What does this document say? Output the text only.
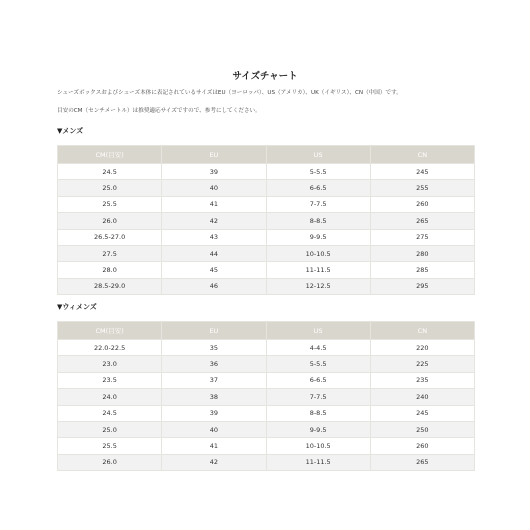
サイズチャート
シューズボックスおよびシューズ本体に表記されているサイズはEU（ヨーロッパ）、US（アメリカ）、UK（イギリス）、CN（中国）です。
目安のCM（センチメートル）は推奨適応サイズですので、参考にしてください。
▼メンズ
CM(目安)	EU	US	CN
24.5	39	5-5.5	245
25.0	40	6-6.5	255
25.5	41	7-7.5	260
26.0	42	8-8.5	265
26.5-27.0	43	9-9.5	275
27.5	44	10-10.5	280
28.0	45	11-11.5	285
28.5-29.0	46	12-12.5	295
▼ウィメンズ
CM(目安)	EU	US	CN
22.0-22.5	35	4-4.5	220
23.0	36	5-5.5	225
23.5	37	6-6.5	235
24.0	38	7-7.5	240
24.5	39	8-8.5	245
25.0	40	9-9.5	250
25.5	41	10-10.5	260
26.0	42	11-11.5	265
